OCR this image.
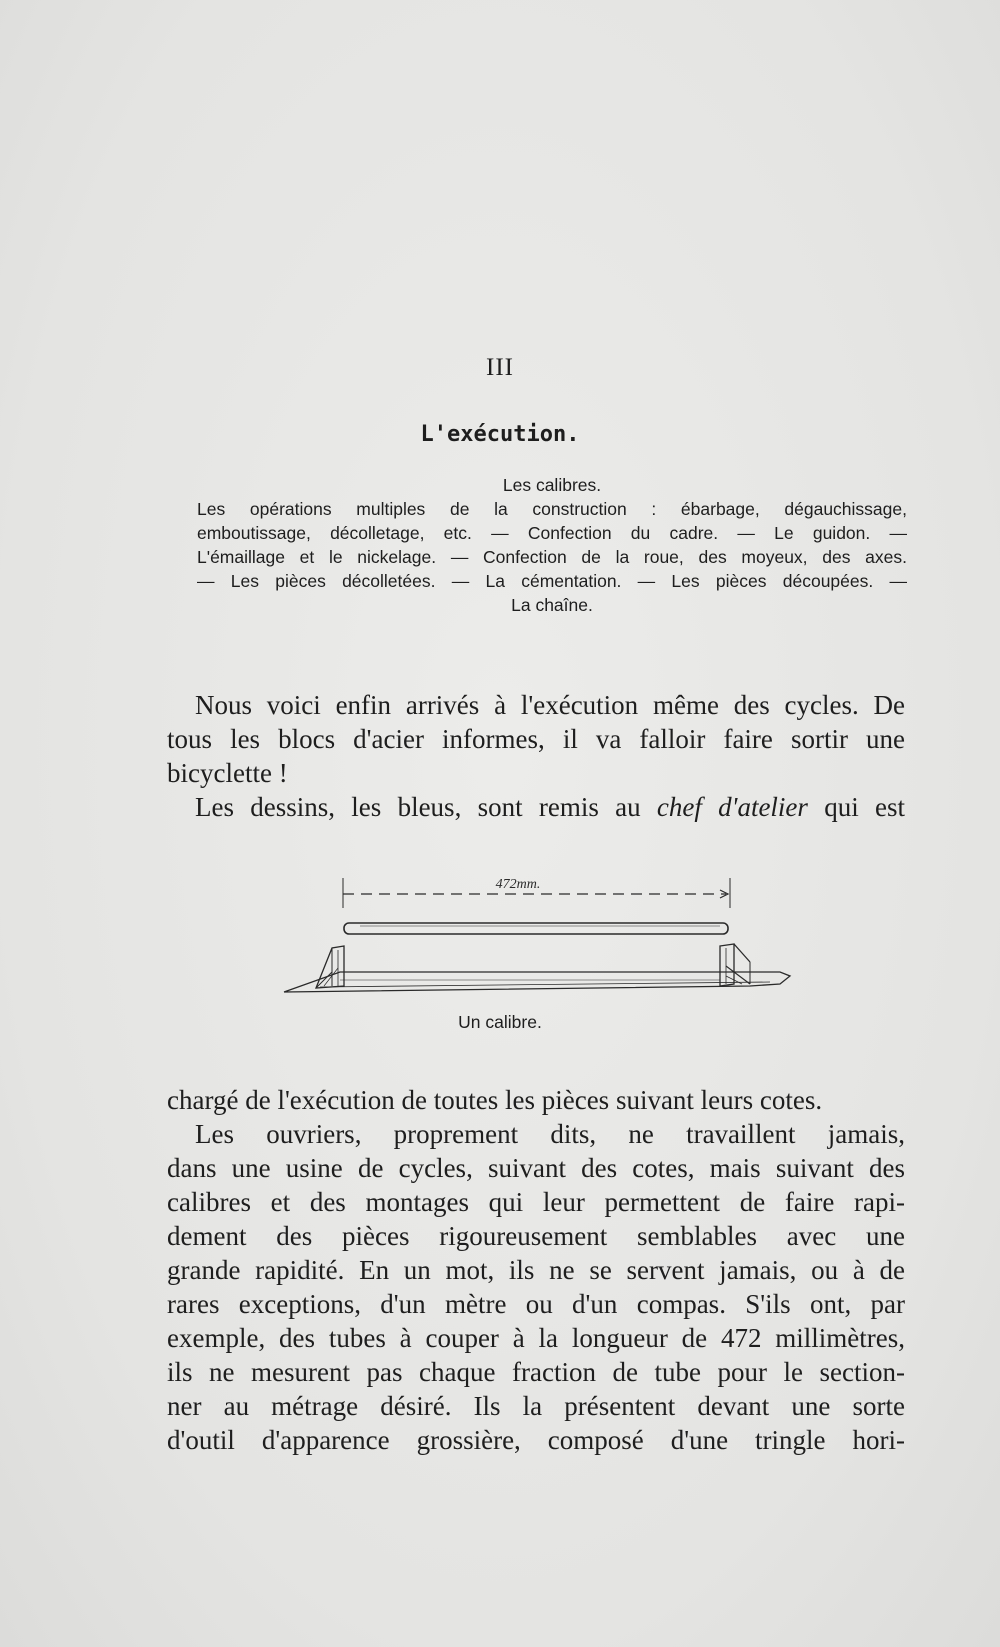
III
L'exécution.
Les calibres.
Les opérations multiples de la construction : ébarbage, dégauchissage,
emboutissage, décolletage, etc. — Confection du cadre. — Le guidon. —
L'émaillage et le nickelage. — Confection de la roue, des moyeux, des axes.
— Les pièces décolletées. — La cémentation. — Les pièces découpées. —
La chaîne.
Nous voici enfin arrivés à l'exécution même des cycles. De
tous les blocs d'acier informes, il va falloir faire sortir une
bicyclette !
Les dessins, les bleus, sont remis au chef d'atelier qui est
472mm.
Un calibre.
chargé de l'exécution de toutes les pièces suivant leurs cotes.
Les ouvriers, proprement dits, ne travaillent jamais,
dans une usine de cycles, suivant des cotes, mais suivant des
calibres et des montages qui leur permettent de faire rapi-
dement des pièces rigoureusement semblables avec une
grande rapidité. En un mot, ils ne se servent jamais, ou à de
rares exceptions, d'un mètre ou d'un compas. S'ils ont, par
exemple, des tubes à couper à la longueur de 472 millimètres,
ils ne mesurent pas chaque fraction de tube pour le section-
ner au métrage désiré. Ils la présentent devant une sorte
d'outil d'apparence grossière, composé d'une tringle hori-
